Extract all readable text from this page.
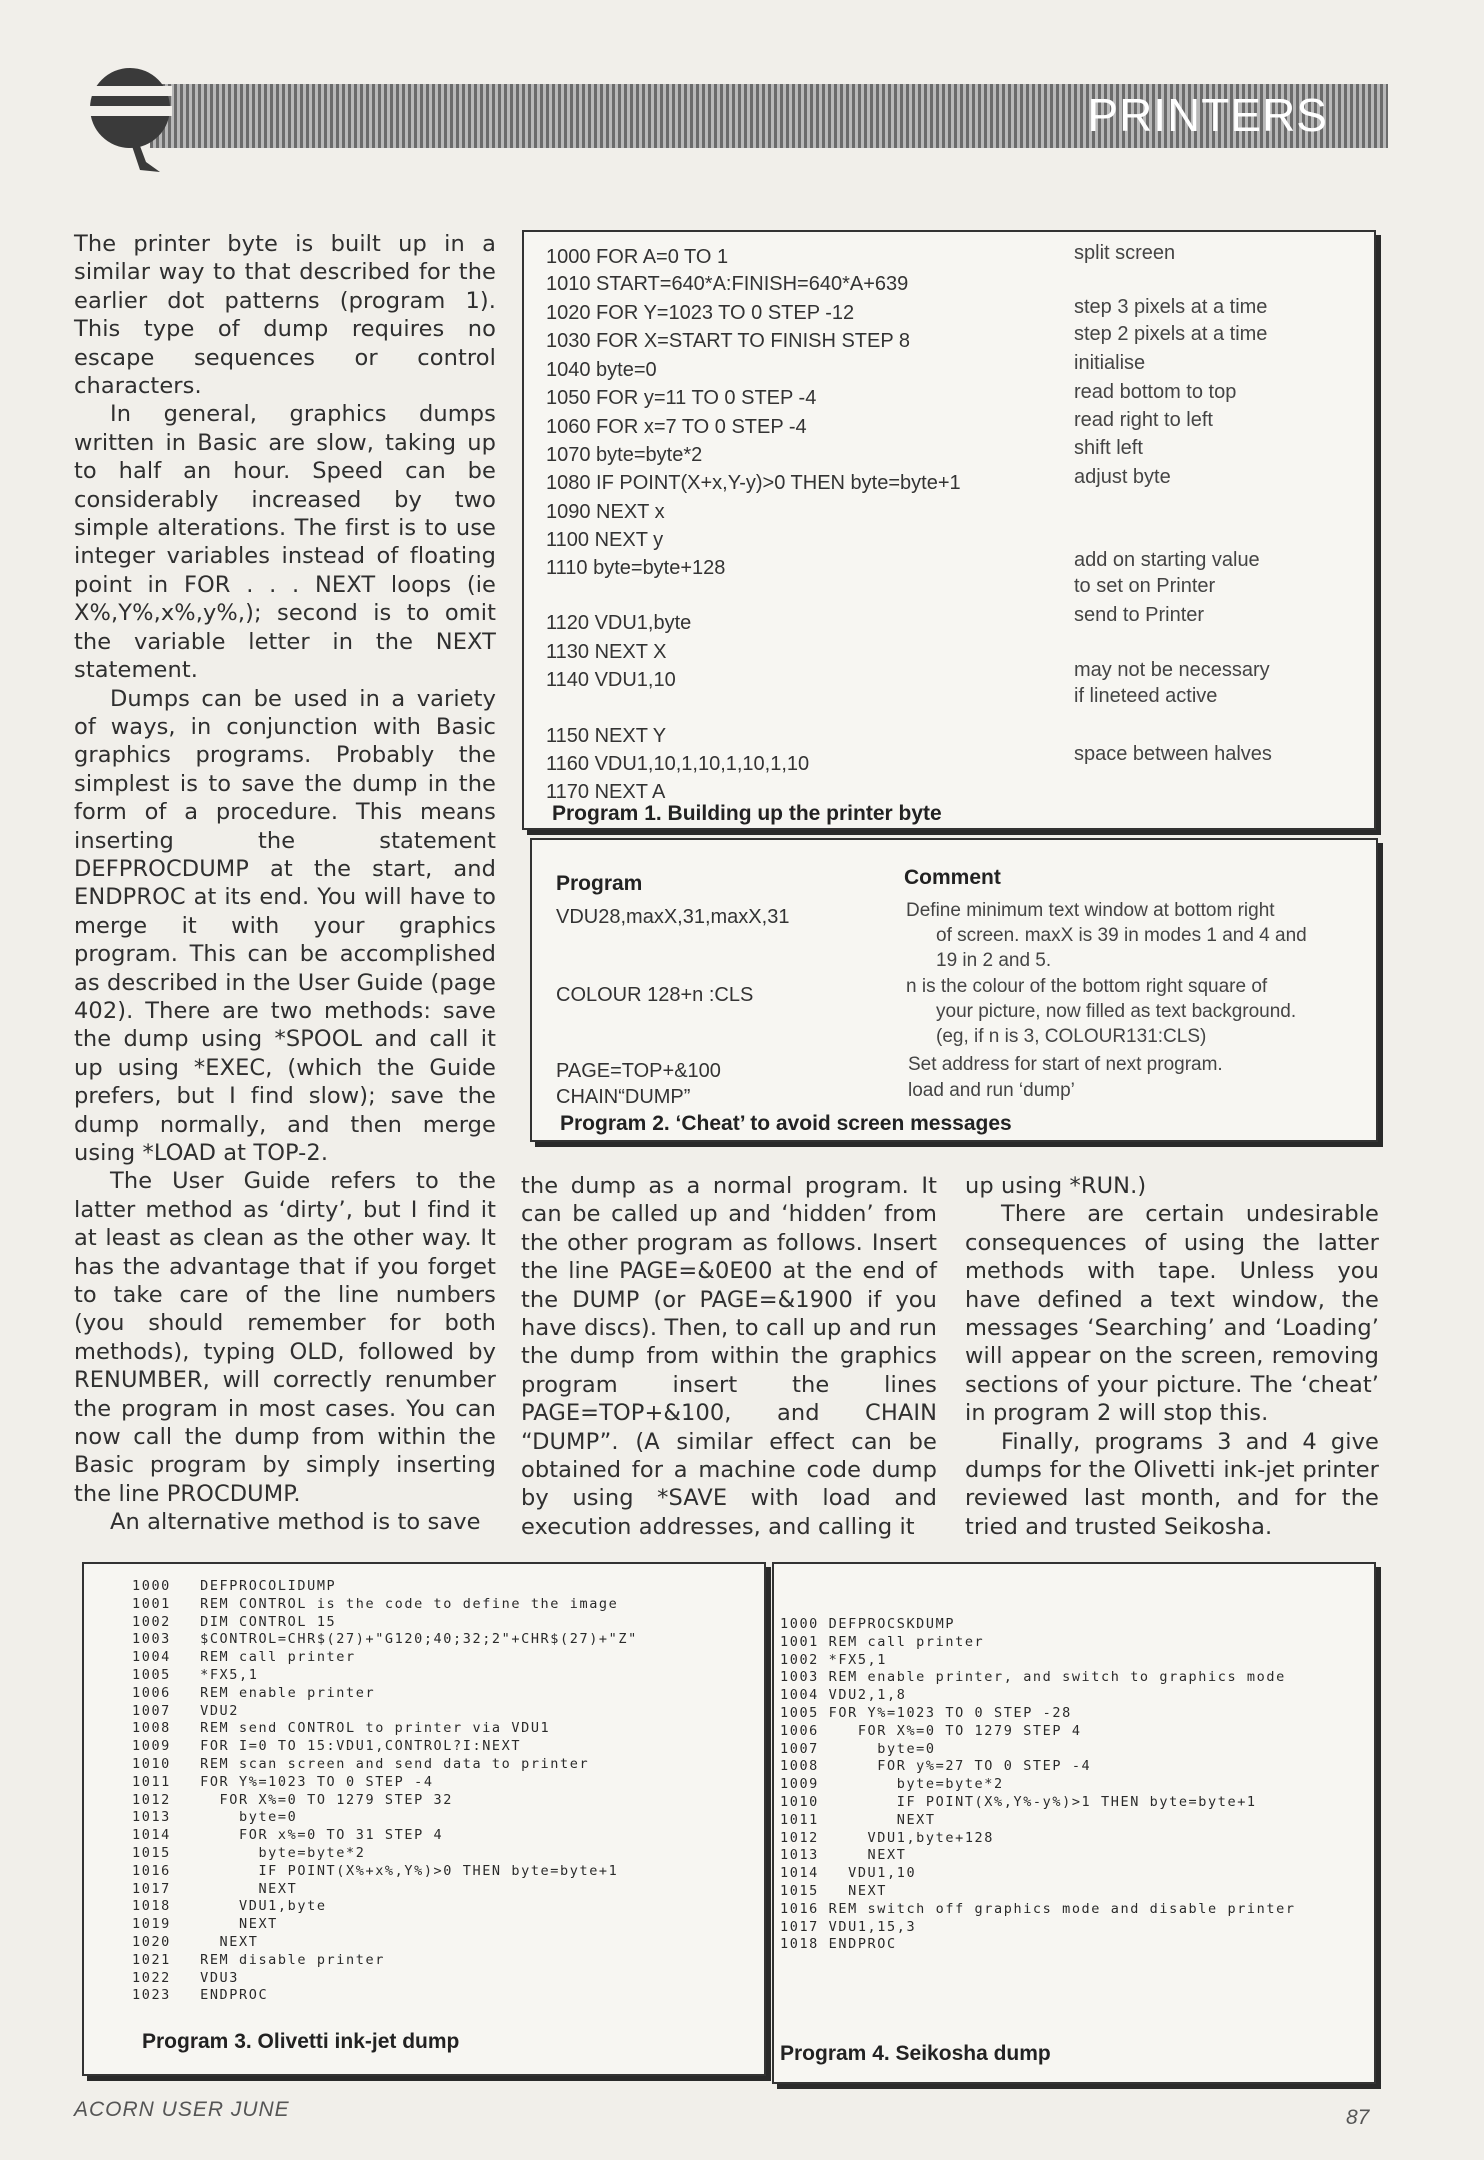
PRINTERS

The printer byte is built up in a similar way to that described for the earlier dot patterns (program 1). This type of dump requires no escape sequences or control characters.

In general, graphics dumps written in Basic are slow, taking up to half an hour. Speed can be considerably increased by two simple alterations. The first is to use integer variables instead of floating point in FOR . . . NEXT loops (ie X%,Y%,x%,y%,); second is to omit the variable letter in the NEXT statement.

Dumps can be used in a variety of ways, in conjunction with Basic graphics programs. Probably the simplest is to save the dump in the form of a procedure. This means inserting the statement DEFPROCDUMP at the start, and ENDPROC at its end. You will have to merge it with your graphics program. This can be accomplished as described in the User Guide (page 402). There are two methods: save the dump using *SPOOL and call it up using *EXEC, (which the Guide prefers, but I find slow); save the dump normally, and then merge using *LOAD at TOP-2.

The User Guide refers to the latter method as ‘dirty’, but I find it at least as clean as the other way. It has the advantage that if you forget to take care of the line numbers (you should remember for both methods), typing OLD, followed by RENUMBER, will correctly renumber the program in most cases. You can now call the dump from within the Basic program by simply inserting the line PROCDUMP.

An alternative method is to save

the dump as a normal program. It can be called up and ‘hidden’ from the other program as follows. Insert the line PAGE=&0E00 at the end of the DUMP (or PAGE=&1900 if you have discs). Then, to call up and run the dump from within the graphics program insert the lines PAGE=TOP+&100, and CHAIN “DUMP”. (A similar effect can be obtained for a machine code dump by using *SAVE with load and execution addresses, and calling it

up using *RUN.)

There are certain undesirable consequences of using the latter methods with tape. Unless you have defined a text window, the messages ‘Searching’ and ‘Loading’ will appear on the screen, removing sections of your picture. The ‘cheat’ in program 2 will stop this.

Finally, programs 3 and 4 give dumps for the Olivetti ink-jet printer reviewed last month, and for the tried and trusted Seikosha.

1000 FOR A=0 TO 1
1010 START=640*A:FINISH=640*A+639
1020 FOR Y=1023 TO 0 STEP -12
1030 FOR X=START TO FINISH STEP 8
1040 byte=0
1050 FOR y=11 TO 0 STEP -4
1060 FOR x=7 TO 0 STEP -4
1070 byte=byte*2
1080 IF POINT(X+x,Y-y)>0 THEN byte=byte+1
1090 NEXT x
1100 NEXT y
1110 byte=byte+128
1120 VDU1,byte
1130 NEXT X
1140 VDU1,10
1150 NEXT Y
1160 VDU1,10,1,10,1,10,1,10
1170 NEXT A
split screen
step 3 pixels at a time
step 2 pixels at a time
initialise
read bottom to top
read right to left
shift left
adjust byte
add on starting value
to set on Printer
send to Printer
may not be necessary
if lineteed active
space between halves
Program 1. Building up the printer byte
Program	Comment
VDU28,maxX,31,maxX,31
COLOUR 128+n :CLS
PAGE=TOP+&100
CHAIN“DUMP”
Define minimum text window at bottom right
of screen. maxX is 39 in modes 1 and 4 and
19 in 2 and 5.
n is the colour of the bottom right square of
your picture, now filled as text background.
(eg, if n is 3, COLOUR131:CLS)
Set address for start of next program.
load and run ‘dump’
Program 2. ‘Cheat’ to avoid screen messages
1000   DEFPROCOLIDUMP
1001   REM CONTROL is the code to define the image
1002   DIM CONTROL 15
1003   $CONTROL=CHR$(27)+"G120;40;32;2"+CHR$(27)+"Z"
1004   REM call printer
1005   *FX5,1
1006   REM enable printer
1007   VDU2
1008   REM send CONTROL to printer via VDU1
1009   FOR I=0 TO 15:VDU1,CONTROL?I:NEXT
1010   REM scan screen and send data to printer
1011   FOR Y%=1023 TO 0 STEP -4
1012     FOR X%=0 TO 1279 STEP 32
1013       byte=0
1014       FOR x%=0 TO 31 STEP 4
1015         byte=byte*2
1016         IF POINT(X%+x%,Y%)>0 THEN byte=byte+1
1017         NEXT
1018       VDU1,byte
1019       NEXT
1020     NEXT
1021   REM disable printer
1022   VDU3
1023   ENDPROC
Program 3. Olivetti ink-jet dump
1000 DEFPROCSKDUMP
1001 REM call printer
1002 *FX5,1
1003 REM enable printer, and switch to graphics mode
1004 VDU2,1,8
1005 FOR Y%=1023 TO 0 STEP -28
1006    FOR X%=0 TO 1279 STEP 4
1007      byte=0
1008      FOR y%=27 TO 0 STEP -4
1009        byte=byte*2
1010        IF POINT(X%,Y%-y%)>1 THEN byte=byte+1
1011        NEXT
1012     VDU1,byte+128
1013     NEXT
1014   VDU1,10
1015   NEXT
1016 REM switch off graphics mode and disable printer
1017 VDU1,15,3
1018 ENDPROC
Program 4. Seikosha dump
ACORN USER JUNE	87
